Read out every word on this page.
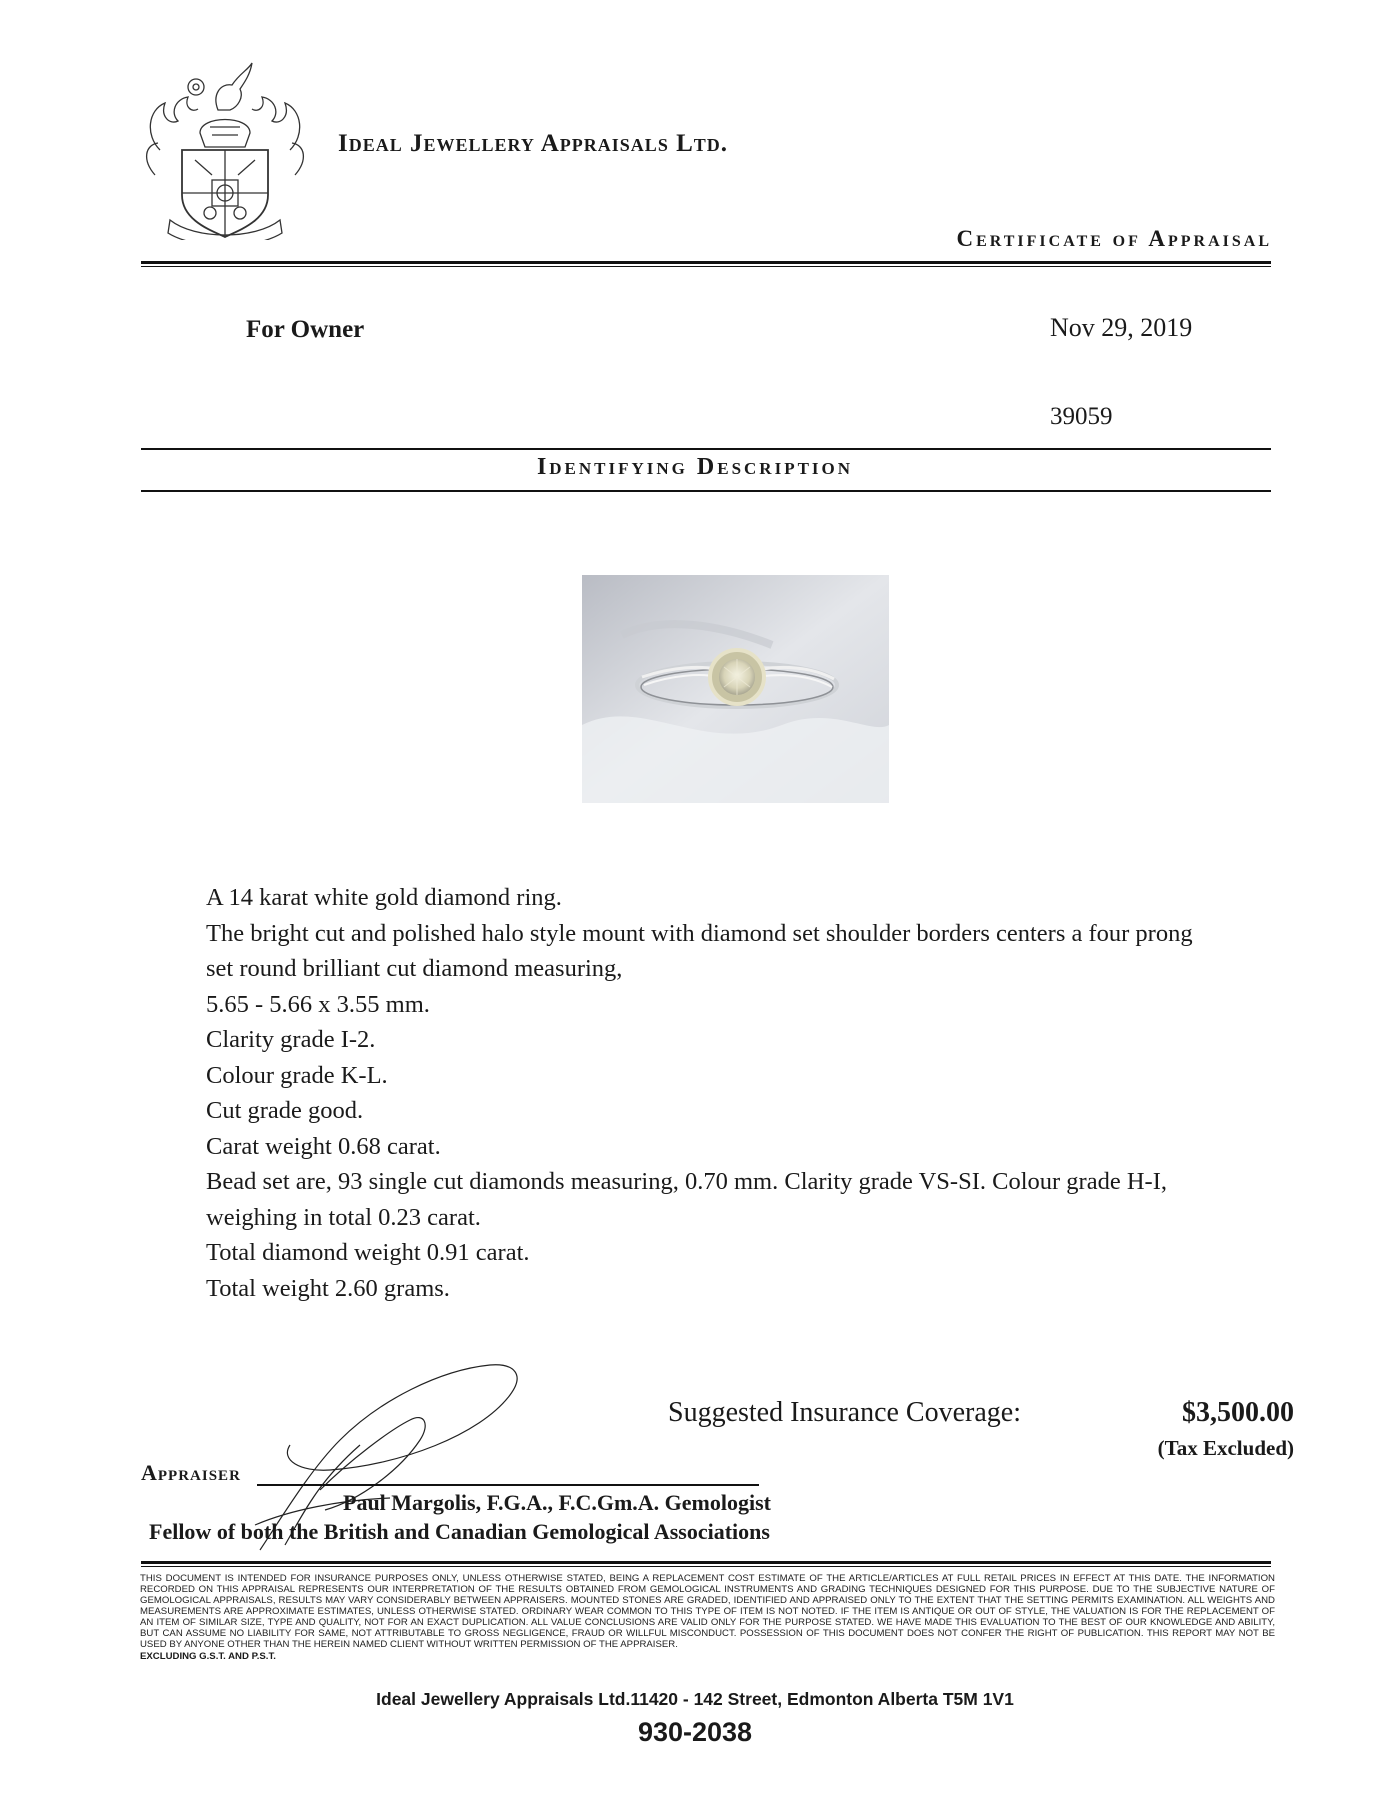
Ideal Jewellery Appraisals Ltd.
Certificate of Appraisal
For Owner	Nov 29, 2019
39059
Identifying Description
A 14 karat white gold diamond ring.
The bright cut and polished halo style mount with diamond set shoulder borders centers a four prong
set round brilliant cut diamond measuring,
5.65 - 5.66 x 3.55 mm.
Clarity grade I-2.
Colour grade K-L.
Cut grade good.
Carat weight 0.68 carat.
Bead set are, 93 single cut diamonds measuring, 0.70 mm. Clarity grade VS-SI. Colour grade H-I,
weighing in total 0.23 carat.
Total diamond weight 0.91 carat.
Total weight 2.60 grams.
Suggested Insurance Coverage:	$3,500.00
(Tax Excluded)
Appraiser
Paul Margolis, F.G.A., F.C.Gm.A. Gemologist
Fellow of both the British and Canadian Gemological Associations
THIS DOCUMENT IS INTENDED FOR INSURANCE PURPOSES ONLY, UNLESS OTHERWISE STATED, BEING A REPLACEMENT COST ESTIMATE OF THE ARTICLE/ARTICLES AT FULL RETAIL PRICES IN EFFECT AT THIS DATE. THE INFORMATION RECORDED ON THIS APPRAISAL REPRESENTS OUR INTERPRETATION OF THE RESULTS OBTAINED FROM GEMOLOGICAL INSTRUMENTS AND GRADING TECHNIQUES DESIGNED FOR THIS PURPOSE. DUE TO THE SUBJECTIVE NATURE OF GEMOLOGICAL APPRAISALS, RESULTS MAY VARY CONSIDERABLY BETWEEN APPRAISERS. MOUNTED STONES ARE GRADED, IDENTIFIED AND APPRAISED ONLY TO THE EXTENT THAT THE SETTING PERMITS EXAMINATION. ALL WEIGHTS AND MEASUREMENTS ARE APPROXIMATE ESTIMATES, UNLESS OTHERWISE STATED. ORDINARY WEAR COMMON TO THIS TYPE OF ITEM IS NOT NOTED. IF THE ITEM IS ANTIQUE OR OUT OF STYLE, THE VALUATION IS FOR THE REPLACEMENT OF AN ITEM OF SIMILAR SIZE, TYPE AND QUALITY, NOT FOR AN EXACT DUPLICATION. ALL VALUE CONCLUSIONS ARE VALID ONLY FOR THE PURPOSE STATED. WE HAVE MADE THIS EVALUATION TO THE BEST OF OUR KNOWLEDGE AND ABILITY, BUT CAN ASSUME NO LIABILITY FOR SAME, NOT ATTRIBUTABLE TO GROSS NEGLIGENCE, FRAUD OR WILLFUL MISCONDUCT. POSSESSION OF THIS DOCUMENT DOES NOT CONFER THE RIGHT OF PUBLICATION. THIS REPORT MAY NOT BE USED BY ANYONE OTHER THAN THE HEREIN NAMED CLIENT WITHOUT WRITTEN PERMISSION OF THE APPRAISER.
EXCLUDING G.S.T. AND P.S.T.
Ideal Jewellery Appraisals Ltd.11420 - 142 Street, Edmonton Alberta T5M 1V1
930-2038
